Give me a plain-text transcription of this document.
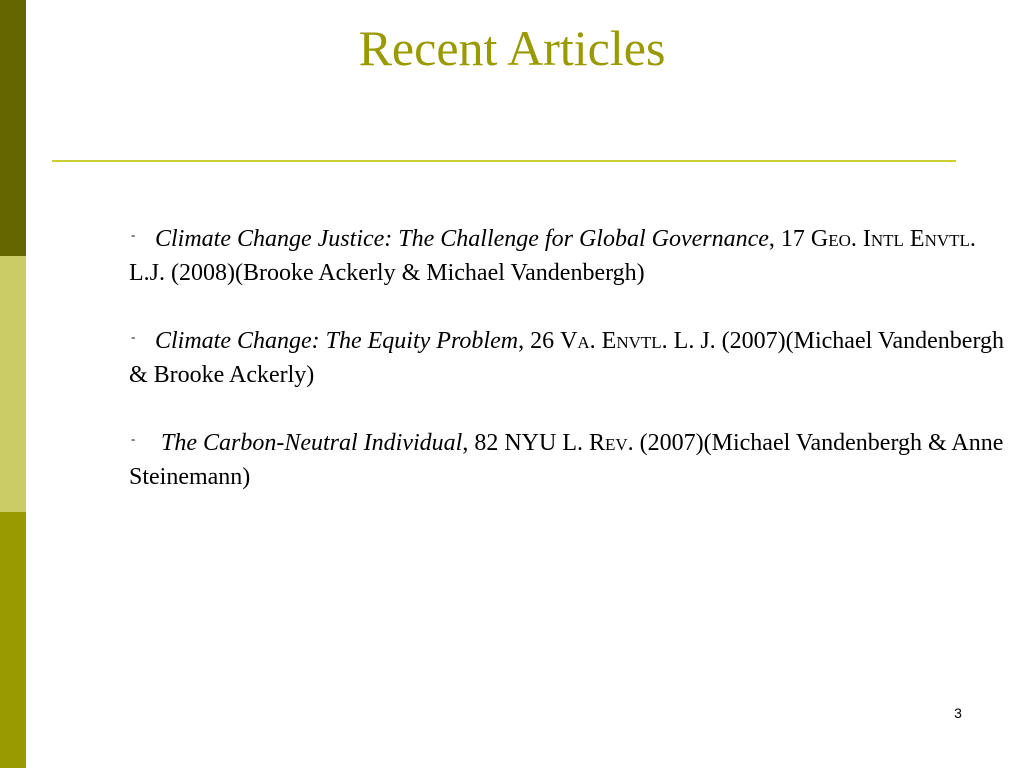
Recent Articles
- Climate Change Justice: The Challenge for Global Governance, 17 Geo. Intl Envtl. L.J. (2008)(Brooke Ackerly & Michael Vandenbergh)
- Climate Change: The Equity Problem, 26 Va. Envtl. L. J. (2007)(Michael Vandenbergh & Brooke Ackerly)
- The Carbon-Neutral Individual, 82 NYU L. Rev. (2007)(Michael Vandenbergh & Anne Steinemann)
3
